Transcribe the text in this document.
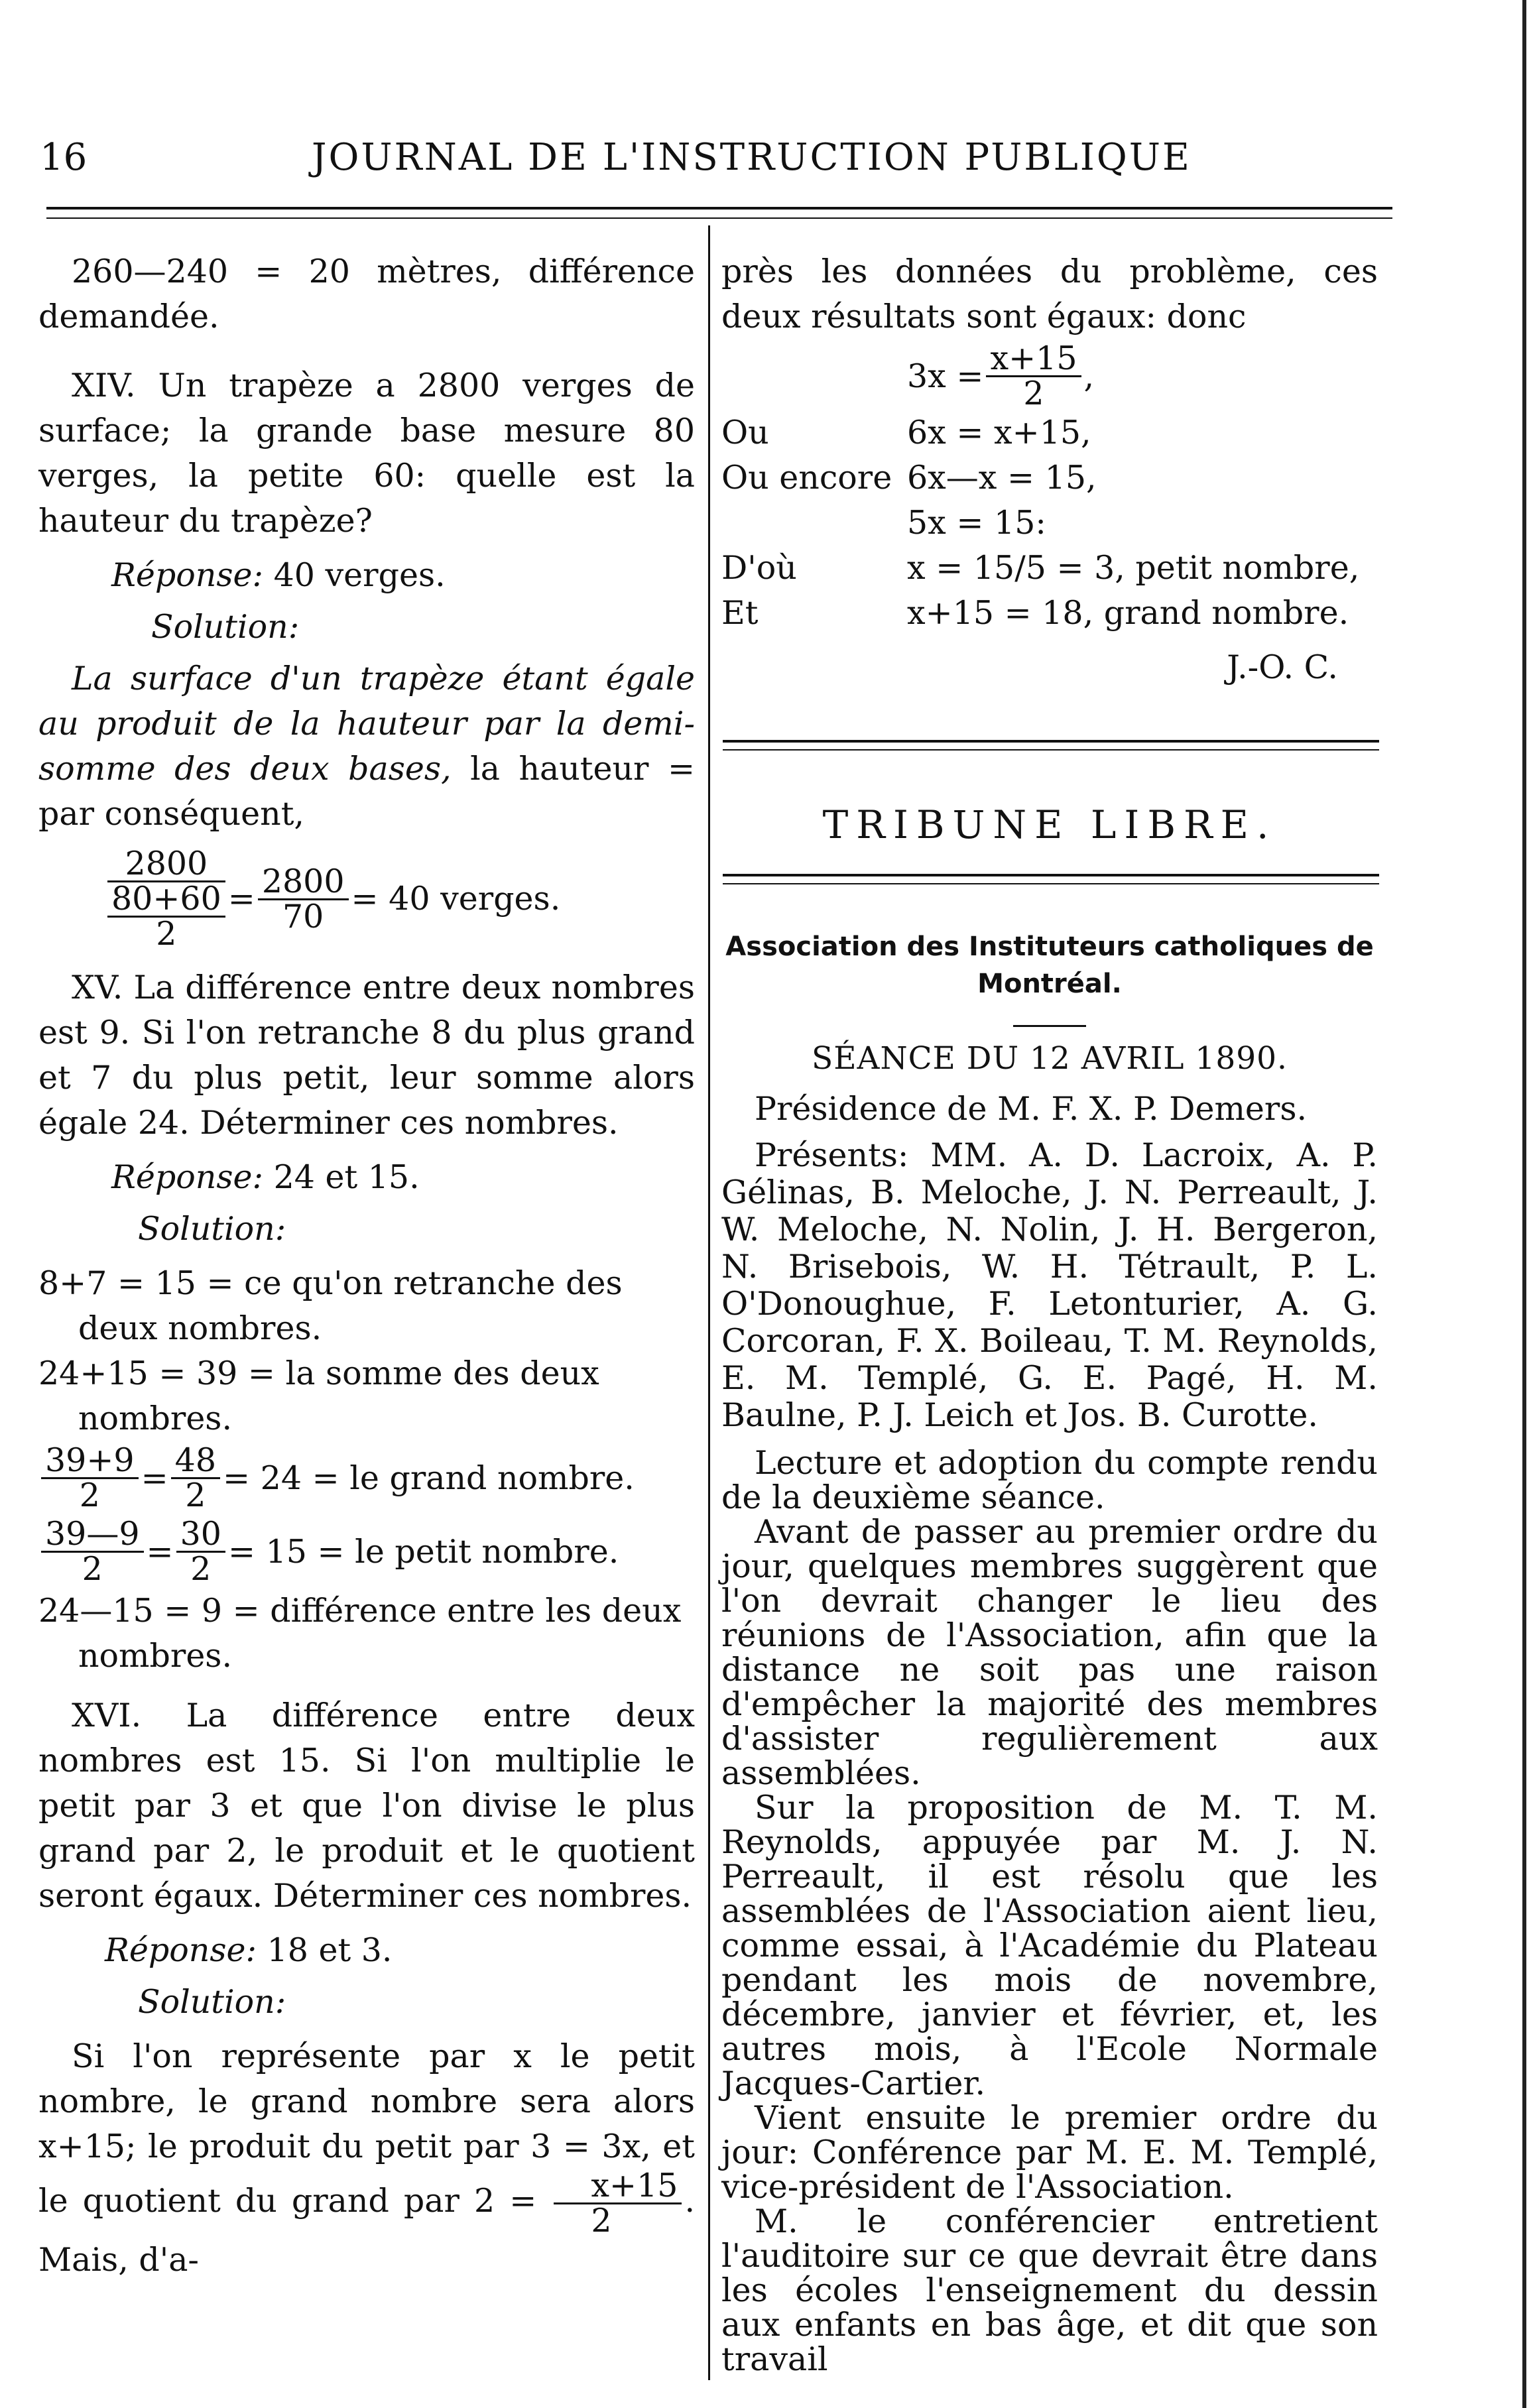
16	JOURNAL DE L'INSTRUCTION PUBLIQUE

260—240 = 20 mètres, différence demandée.

XIV. Un trapèze a 2800 verges de surface; la grande base mesure 80 verges, la petite 60: quelle est la hauteur du trapèze?

Réponse: 40 verges.

Solution:

La surface d'un trapèze étant égale au produit de la hauteur par la demi-somme des deux bases, la hauteur = par conséquent,

2800
80+60
2
= $\frac{2800}{70} = 40$ verges.

XV. La différence entre deux nombres est 9. Si l'on retranche 8 du plus grand et 7 du plus petit, leur somme alors égale 24. Déterminer ces nombres.

Réponse: 24 et 15.

Solution:

8+7 = 15 = ce qu'on retranche des deux nombres.

24+15 = 39 = la somme des deux nombres.

$\frac{39+9}{2} = \frac{48}{2} = 24$ = le grand nombre.
$\frac{39—9}{2} = \frac{30}{2} = 15$ = le petit nombre.

24—15 = 9 = différence entre les deux nombres.

XVI. La différence entre deux nombres est 15. Si l'on multiplie le petit par 3 et que l'on divise le plus grand par 2, le produit et le quotient seront égaux. Déterminer ces nombres.

Réponse: 18 et 3.

Solution:

Si l'on représente par x le petit nombre, le grand nombre sera alors x+15; le produit du petit par 3 = 3x, et le quotient du grand par $2 = \frac{x+15}{2}$ . Mais, d'a-

près les données du problème, ces deux résultats sont égaux: donc

$3x = \frac{x+15}{2}$ ,
Ou	6x = x+15,
Ou encore 6x—x = 15,
5x = 15:
D'où	x = 15/5 = 3, petit nombre,
Et	x+15 = 18, grand nombre.

J.-O. C.

TRIBUNE LIBRE.

Association des Instituteurs catholiques de Montréal.

SÉANCE DU 12 AVRIL 1890.

Présidence de M. F. X. P. Demers.

Présents: MM. A. D. Lacroix, A. P. Gélinas, B. Meloche, J. N. Perreault, J. W. Meloche, N. Nolin, J. H. Bergeron, N. Brisebois, W. H. Tétrault, P. L. O'Donoughue, F. Letonturier, A. G. Corcoran, F. X. Boileau, T. M. Reynolds, E. M. Templé, G. E. Pagé, H. M. Baulne, P. J. Leich et Jos. B. Curotte.

Lecture et adoption du compte rendu de la deuxième séance.

Avant de passer au premier ordre du jour, quelques membres suggèrent que l'on devrait changer le lieu des réunions de l'Association, afin que la distance ne soit pas une raison d'empêcher la majorité des membres d'assister regulièrement aux assemblées.

Sur la proposition de M. T. M. Reynolds, appuyée par M. J. N. Perreault, il est résolu que les assemblées de l'Association aient lieu, comme essai, à l'Académie du Plateau pendant les mois de novembre, décembre, janvier et février, et, les autres mois, à l'Ecole Normale Jacques-Cartier.

Vient ensuite le premier ordre du jour: Conférence par M. E. M. Templé, vice-président de l'Association.

M. le conférencier entretient l'auditoire sur ce que devrait être dans les écoles l'enseignement du dessin aux enfants en bas âge, et dit que son travail
